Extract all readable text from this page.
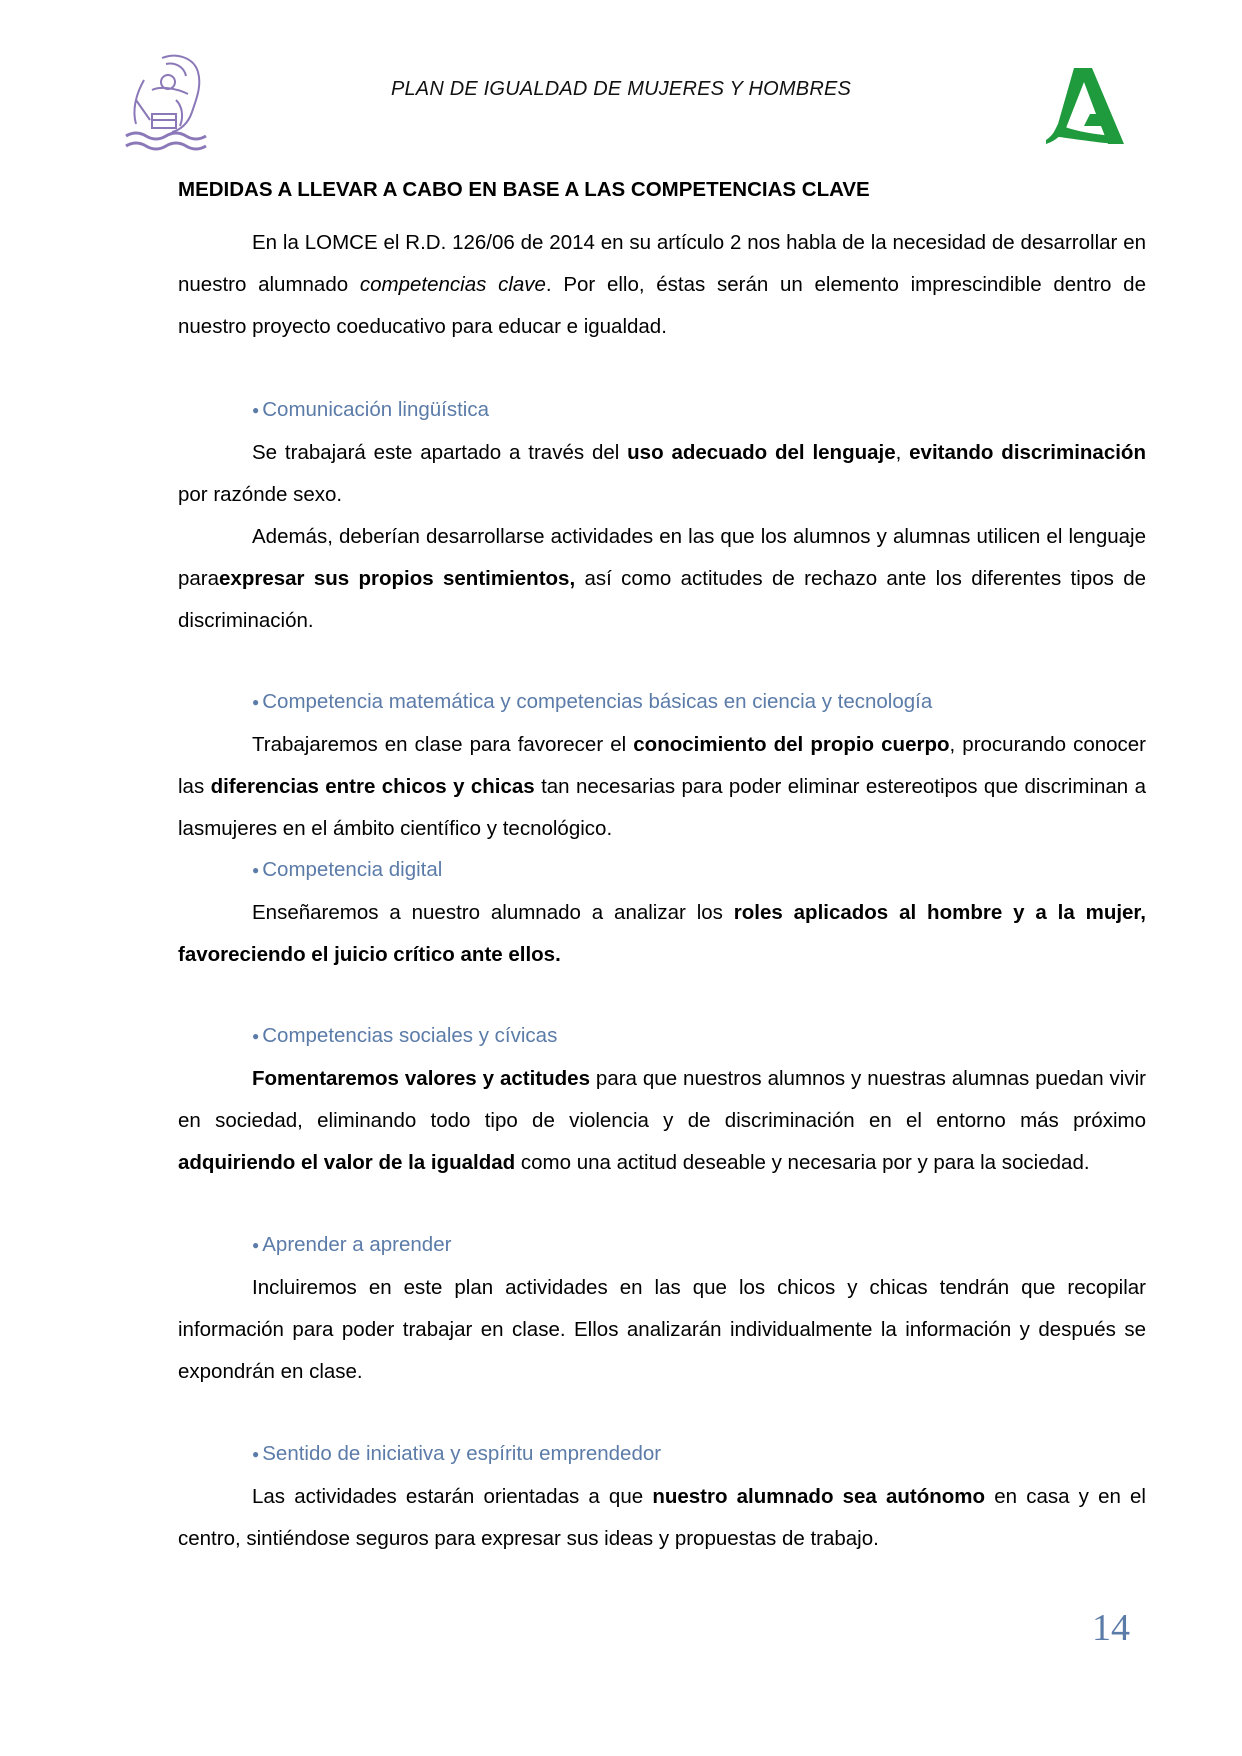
PLAN DE IGUALDAD DE MUJERES Y HOMBRES
MEDIDAS A LLEVAR A CABO EN BASE A LAS COMPETENCIAS CLAVE

En la LOMCE el R.D. 126/06 de 2014 en su artículo 2 nos habla de la necesidad de desarrollar en nuestro alumnado competencias clave. Por ello, éstas serán un elemento imprescindible dentro de nuestro proyecto coeducativo para educar e igualdad.

● Comunicación lingüística

Se trabajará este apartado a través del uso adecuado del lenguaje, evitando discriminación por razónde sexo.

Además, deberían desarrollarse actividades en las que los alumnos y alumnas utilicen el lenguaje paraexpresar sus propios sentimientos, así como actitudes de rechazo ante los diferentes tipos de discriminación.

● Competencia matemática y competencias básicas en ciencia y tecnología

Trabajaremos en clase para favorecer el conocimiento del propio cuerpo, procurando conocer las diferencias entre chicos y chicas tan necesarias para poder eliminar estereotipos que discriminan a lasmujeres en el ámbito científico y tecnológico.

● Competencia digital

Enseñaremos a nuestro alumnado a analizar los roles aplicados al hombre y a la mujer, favoreciendo el juicio crítico ante ellos.

● Competencias sociales y cívicas

Fomentaremos valores y actitudes para que nuestros alumnos y nuestras alumnas puedan vivir en sociedad, eliminando todo tipo de violencia y de discriminación en el entorno más próximo adquiriendo el valor de la igualdad como una actitud deseable y necesaria por y para la sociedad.

● Aprender a aprender

Incluiremos en este plan actividades en las que los chicos y chicas tendrán que recopilar información para poder trabajar en clase. Ellos analizarán individualmente la información y después se expondrán en clase.

● Sentido de iniciativa y espíritu emprendedor

Las actividades estarán orientadas a que nuestro alumnado sea autónomo en casa y en el centro, sintiéndose seguros para expresar sus ideas y propuestas de trabajo.

14
